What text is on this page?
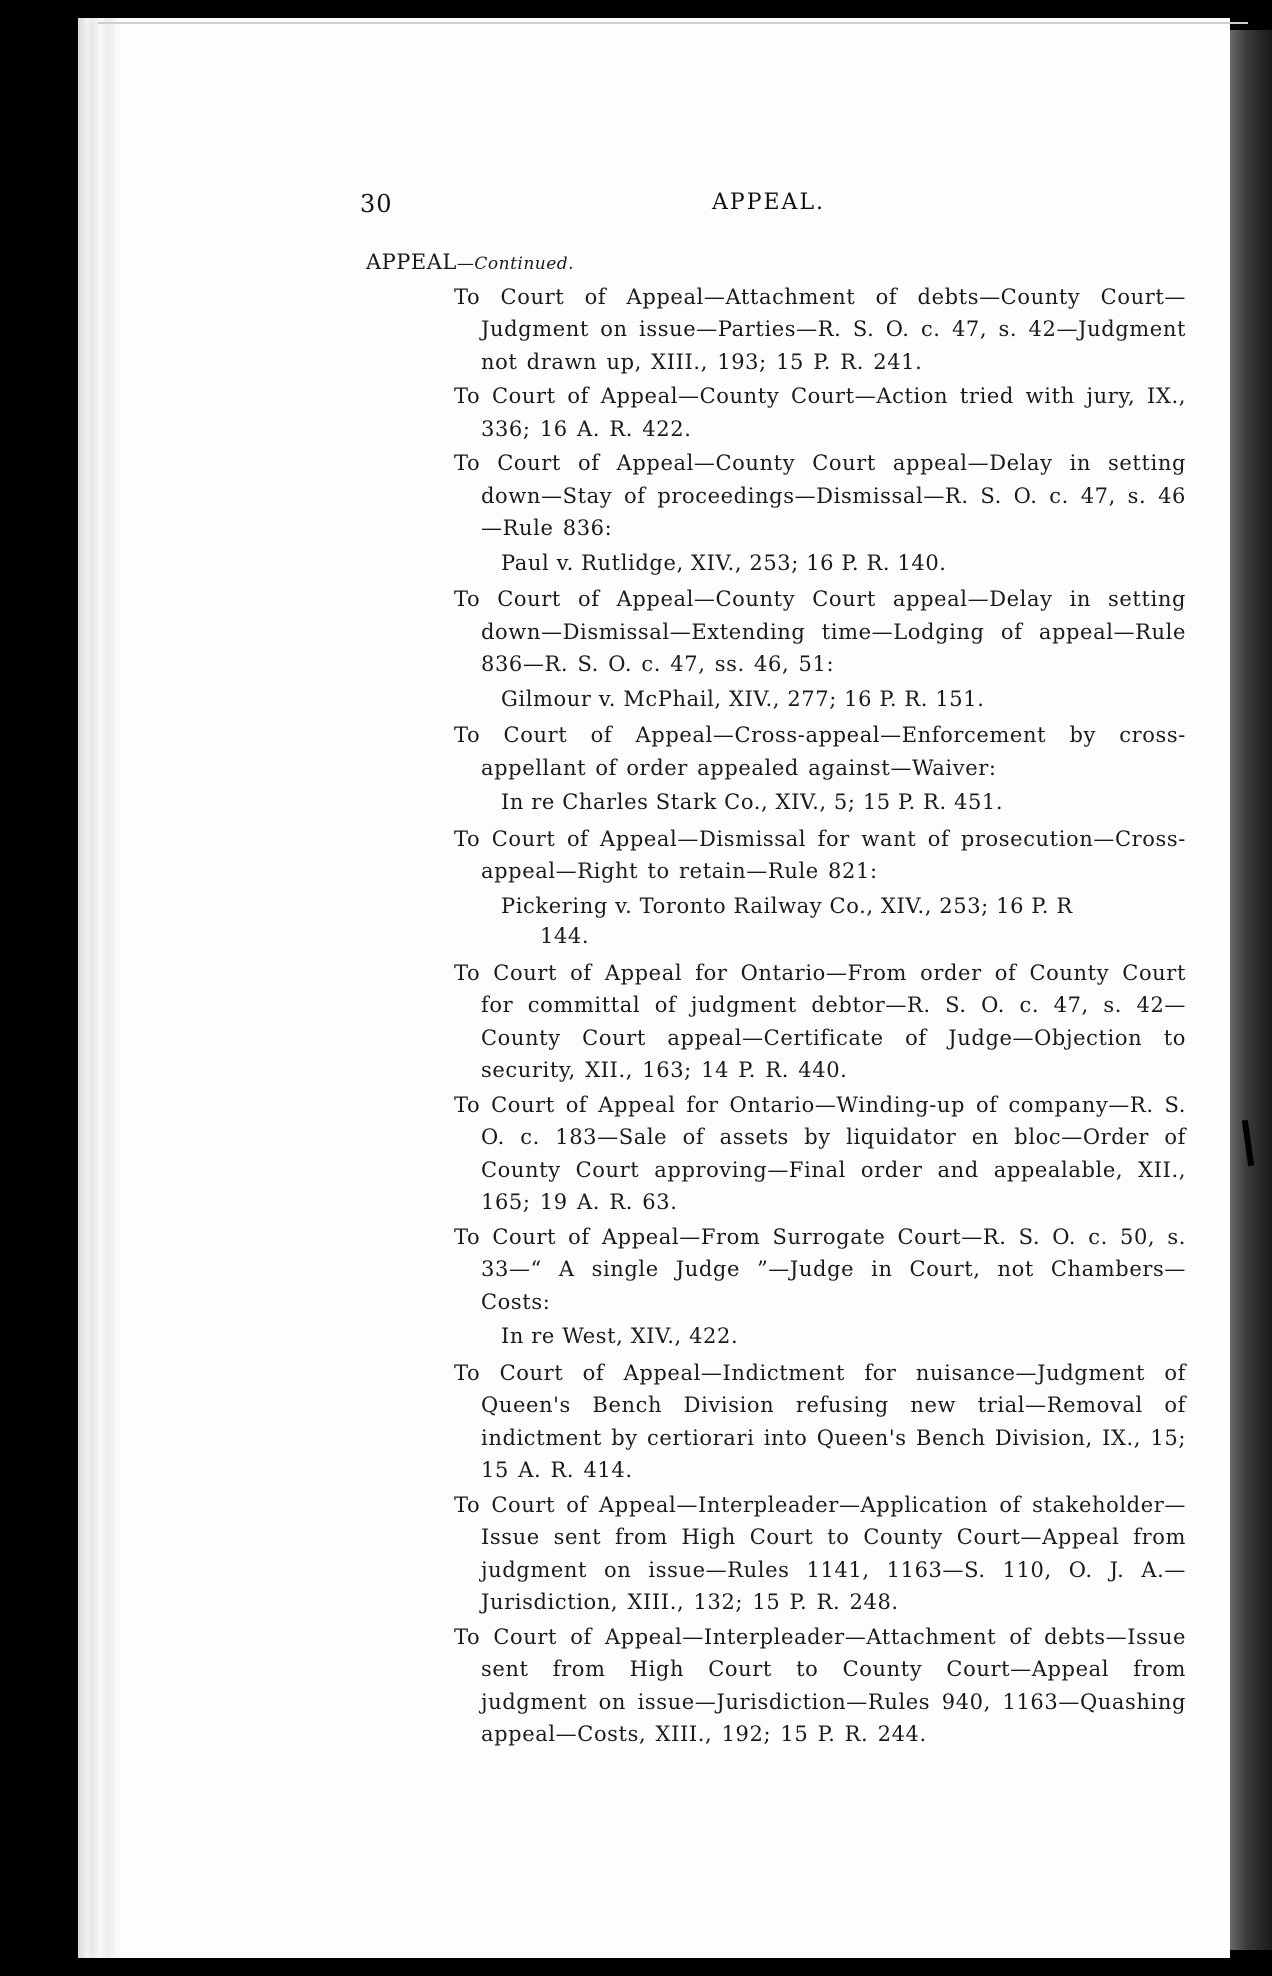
30	APPEAL.
APPEAL—Continued.

To Court of Appeal—Attachment of debts—County Court—Judgment on issue—Parties—R. S. O. c. 47, s. 42—Judgment not drawn up, XIII., 193; 15 P. R. 241.

To Court of Appeal—County Court—Action tried with jury, IX., 336; 16 A. R. 422.

To Court of Appeal—County Court appeal—Delay in setting down—Stay of proceedings—Dismissal—R. S. O. c. 47, s. 46—Rule 836:

Paul v. Rutlidge, XIV., 253; 16 P. R. 140.

To Court of Appeal—County Court appeal—Delay in setting down—Dismissal—Extending time—Lodging of appeal—Rule 836—R. S. O. c. 47, ss. 46, 51:

Gilmour v. McPhail, XIV., 277; 16 P. R. 151.

To Court of Appeal—Cross-appeal—Enforcement by cross-appellant of order appealed against—Waiver:

In re Charles Stark Co., XIV., 5; 15 P. R. 451.

To Court of Appeal—Dismissal for want of prosecution—Cross-appeal—Right to retain—Rule 821:

Pickering v. Toronto Railway Co., XIV., 253; 16 P. R

144.

To Court of Appeal for Ontario—From order of County Court for committal of judgment debtor—R. S. O. c. 47, s. 42—County Court appeal—Certificate of Judge—Objection to security, XII., 163; 14 P. R. 440.

To Court of Appeal for Ontario—Winding-up of company—R. S. O. c. 183—Sale of assets by liquidator en bloc—Order of County Court approving—Final order and appealable, XII., 165; 19 A. R. 63.

To Court of Appeal—From Surrogate Court—R. S. O. c. 50, s. 33—“ A single Judge ”—Judge in Court, not Chambers—Costs:

In re West, XIV., 422.

To Court of Appeal—Indictment for nuisance—Judgment of Queen's Bench Division refusing new trial—Removal of indictment by certiorari into Queen's Bench Division, IX., 15; 15 A. R. 414.

To Court of Appeal—Interpleader—Application of stakeholder—Issue sent from High Court to County Court—Appeal from judgment on issue—Rules 1141, 1163—S. 110, O. J. A.—Jurisdiction, XIII., 132; 15 P. R. 248.

To Court of Appeal—Interpleader—Attachment of debts—Issue sent from High Court to County Court—Appeal from judgment on issue—Jurisdiction—Rules 940, 1163—Quashing appeal—Costs, XIII., 192; 15 P. R. 244.
